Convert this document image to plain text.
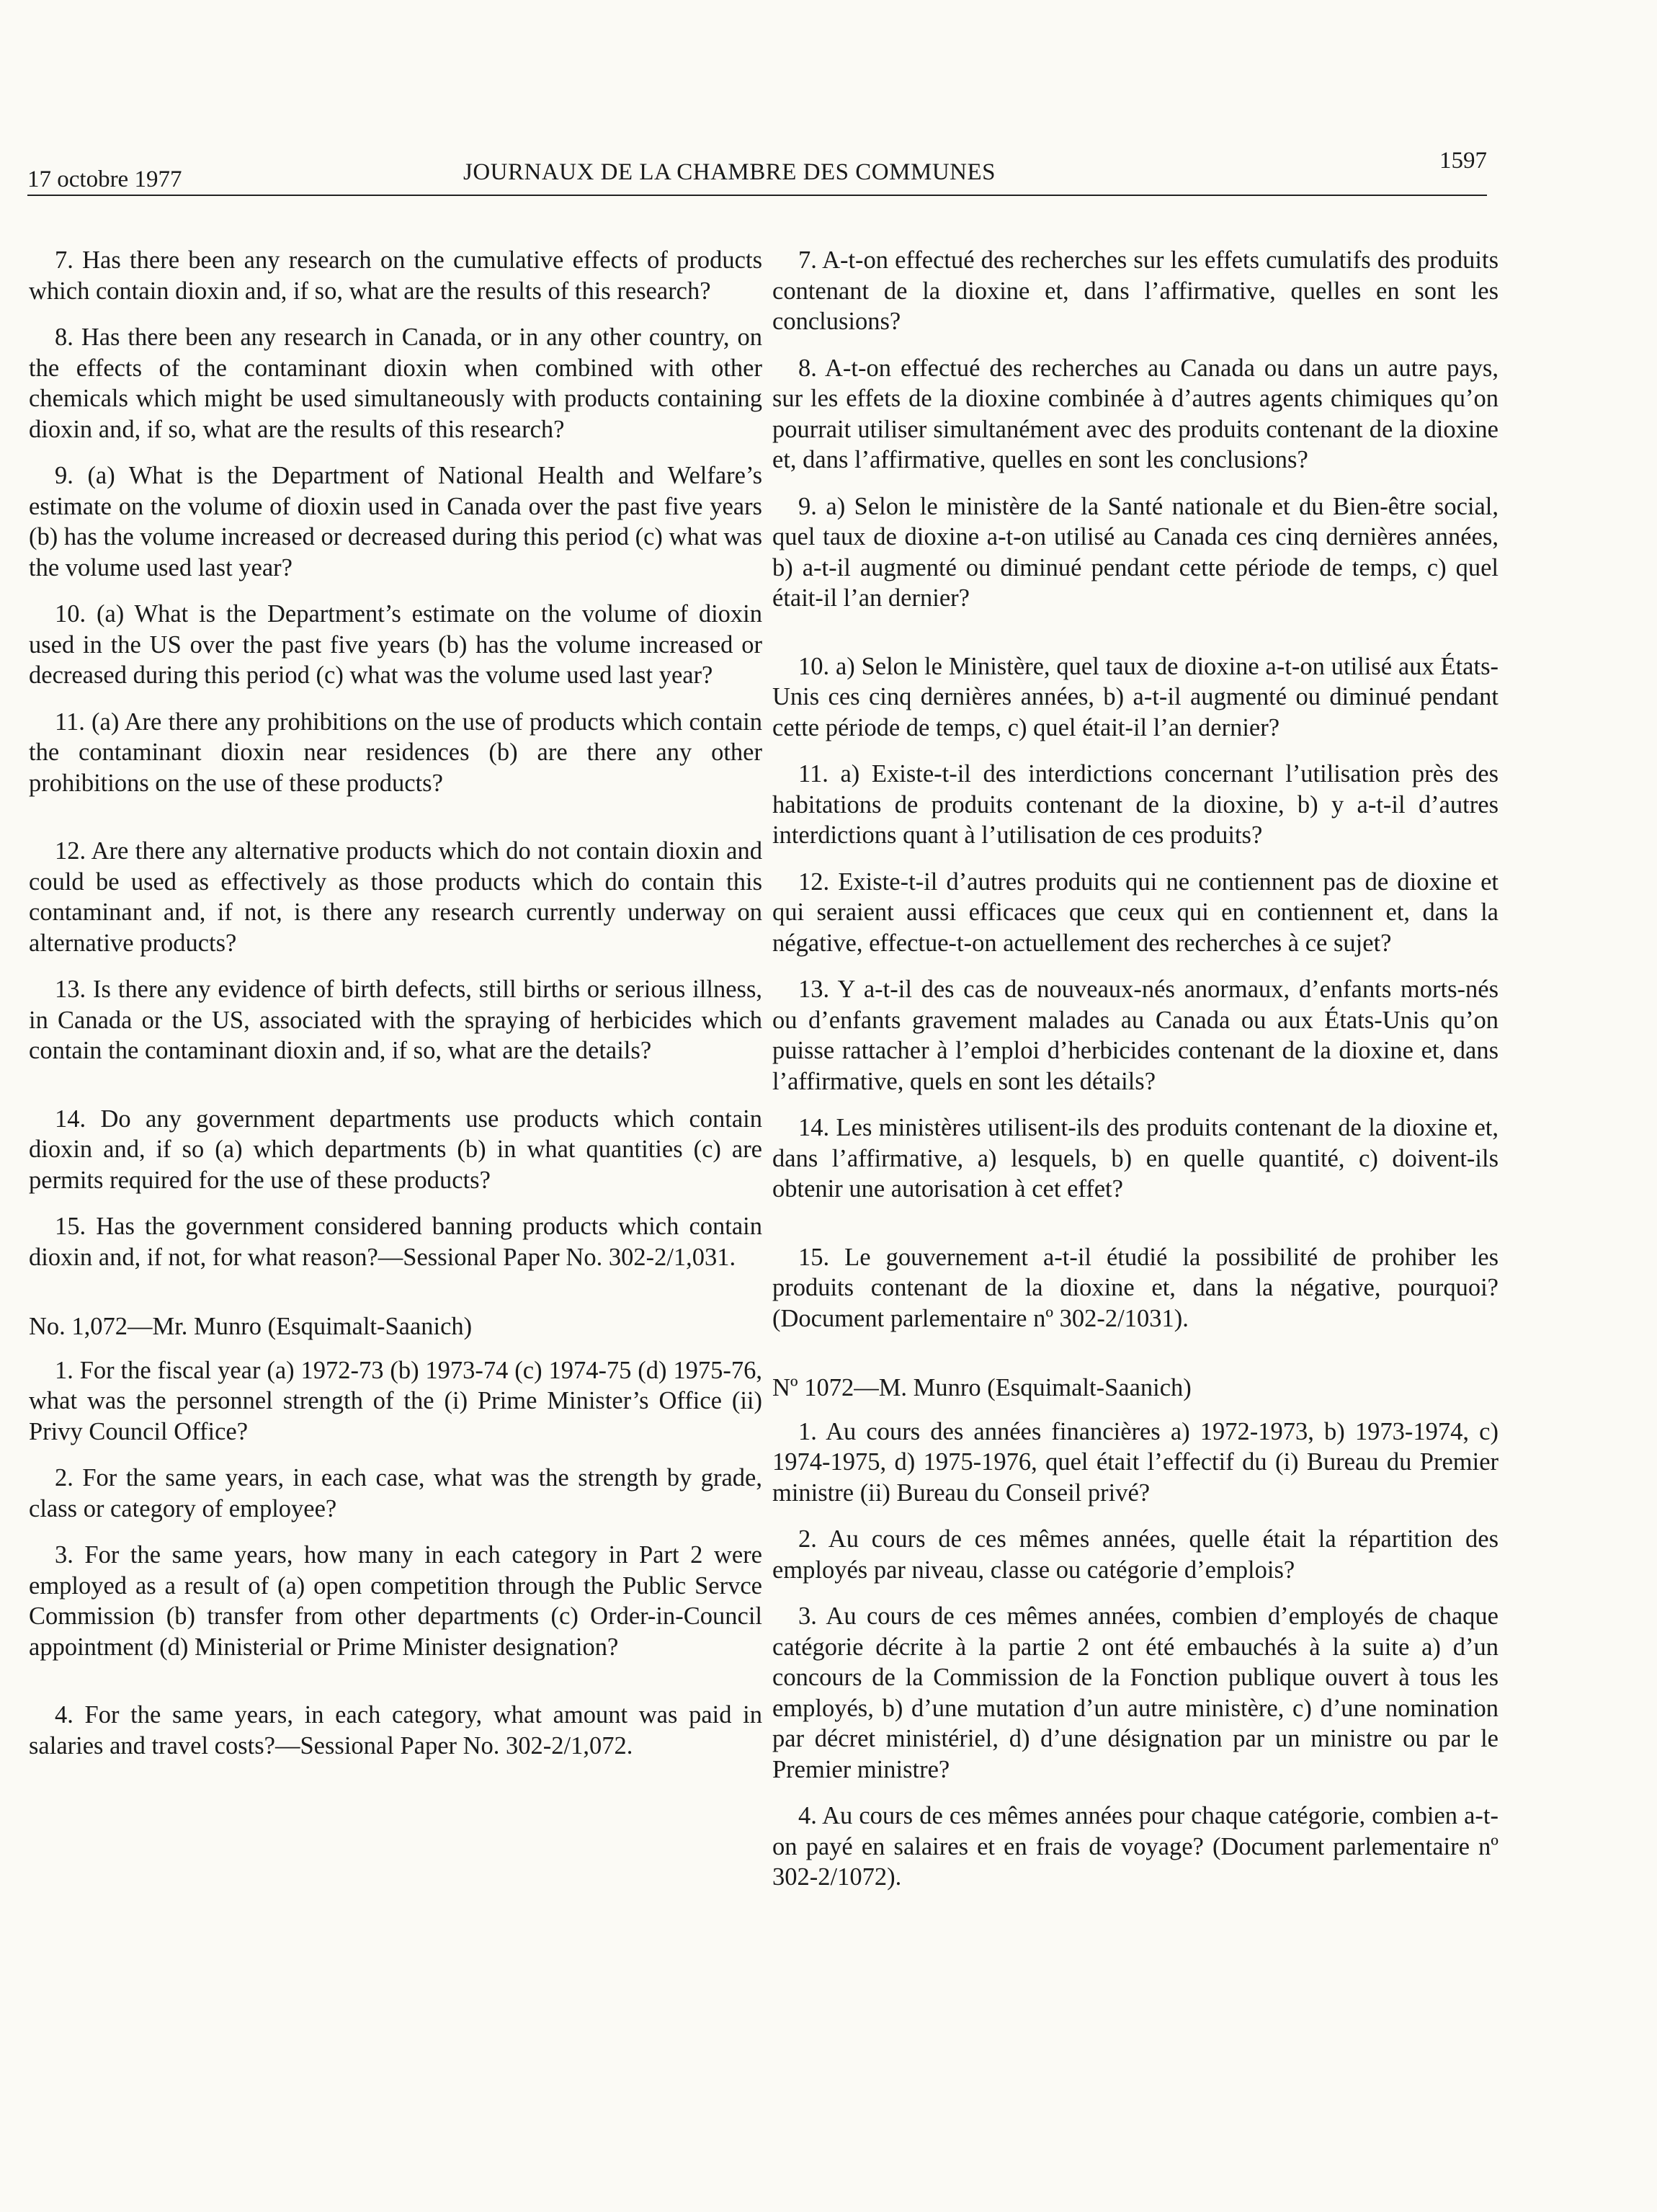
17 octobre 1977	JOURNAUX DE LA CHAMBRE DES COMMUNES	1597

7. Has there been any research on the cumulative effects of products which contain dioxin and, if so, what are the results of this research?

8. Has there been any research in Canada, or in any other country, on the effects of the contaminant dioxin when combined with other chemicals which might be used simultaneously with products containing dioxin and, if so, what are the results of this research?

9. (a) What is the Department of National Health and Welfare’s estimate on the volume of dioxin used in Canada over the past five years (b) has the volume increased or decreased during this period (c) what was the volume used last year?

10. (a) What is the Department’s estimate on the volume of dioxin used in the US over the past five years (b) has the volume increased or decreased during this period (c) what was the volume used last year?

11. (a) Are there any prohibitions on the use of products which contain the contaminant dioxin near residences (b) are there any other prohibitions on the use of these products?

12. Are there any alternative products which do not contain dioxin and could be used as effectively as those products which do contain this contaminant and, if not, is there any research currently underway on alternative products?

13. Is there any evidence of birth defects, still births or serious illness, in Canada or the US, associated with the spraying of herbicides which contain the contaminant dioxin and, if so, what are the details?

14. Do any government departments use products which contain dioxin and, if so (a) which departments (b) in what quantities (c) are permits required for the use of these products?

15. Has the government considered banning products which contain dioxin and, if not, for what reason?—Sessional Paper No. 302-2/1,031.

No. 1,072—Mr. Munro (Esquimalt-Saanich)

1. For the fiscal year (a) 1972-73 (b) 1973-74 (c) 1974-75 (d) 1975-76, what was the personnel strength of the (i) Prime Minister’s Office (ii) Privy Council Office?

2. For the same years, in each case, what was the strength by grade, class or category of employee?

3. For the same years, how many in each category in Part 2 were employed as a result of (a) open competition through the Public Servce Commission (b) transfer from other departments (c) Order-in-Council appointment (d) Ministerial or Prime Minister designation?

4. For the same years, in each category, what amount was paid in salaries and travel costs?—Sessional Paper No. 302-2/1,072.

7. A-t-on effectué des recherches sur les effets cumulatifs des produits contenant de la dioxine et, dans l’affirmative, quelles en sont les conclusions?

8. A-t-on effectué des recherches au Canada ou dans un autre pays, sur les effets de la dioxine combinée à d’autres agents chimiques qu’on pourrait utiliser simultanément avec des produits contenant de la dioxine et, dans l’affirmative, quelles en sont les conclusions?

9. a) Selon le ministère de la Santé nationale et du Bien-être social, quel taux de dioxine a-t-on utilisé au Canada ces cinq dernières années, b) a-t-il augmenté ou diminué pendant cette période de temps, c) quel était-il l’an dernier?

10. a) Selon le Ministère, quel taux de dioxine a-t-on utilisé aux États-Unis ces cinq dernières années, b) a-t-il augmenté ou diminué pendant cette période de temps, c) quel était-il l’an dernier?

11. a) Existe-t-il des interdictions concernant l’utilisation près des habitations de produits contenant de la dioxine, b) y a-t-il d’autres interdictions quant à l’utilisation de ces produits?

12. Existe-t-il d’autres produits qui ne contiennent pas de dioxine et qui seraient aussi efficaces que ceux qui en contiennent et, dans la négative, effectue-t-on actuellement des recherches à ce sujet?

13. Y a-t-il des cas de nouveaux-nés anormaux, d’enfants morts-nés ou d’enfants gravement malades au Canada ou aux États-Unis qu’on puisse rattacher à l’emploi d’herbicides contenant de la dioxine et, dans l’affirmative, quels en sont les détails?

14. Les ministères utilisent-ils des produits contenant de la dioxine et, dans l’affirmative, a) lesquels, b) en quelle quantité, c) doivent-ils obtenir une autorisation à cet effet?

15. Le gouvernement a-t-il étudié la possibilité de prohiber les produits contenant de la dioxine et, dans la négative, pourquoi? (Document parlementaire nº 302-2/1031).

Nº 1072—M. Munro (Esquimalt-Saanich)

1. Au cours des années financières a) 1972-1973, b) 1973-1974, c) 1974-1975, d) 1975-1976, quel était l’effectif du (i) Bureau du Premier ministre (ii) Bureau du Conseil privé?

2. Au cours de ces mêmes années, quelle était la répartition des employés par niveau, classe ou catégorie d’emplois?

3. Au cours de ces mêmes années, combien d’employés de chaque catégorie décrite à la partie 2 ont été embauchés à la suite a) d’un concours de la Commission de la Fonction publique ouvert à tous les employés, b) d’une mutation d’un autre ministère, c) d’une nomination par décret ministériel, d) d’une désignation par un ministre ou par le Premier ministre?

4. Au cours de ces mêmes années pour chaque catégorie, combien a-t-on payé en salaires et en frais de voyage? (Document parlementaire nº 302-2/1072).
